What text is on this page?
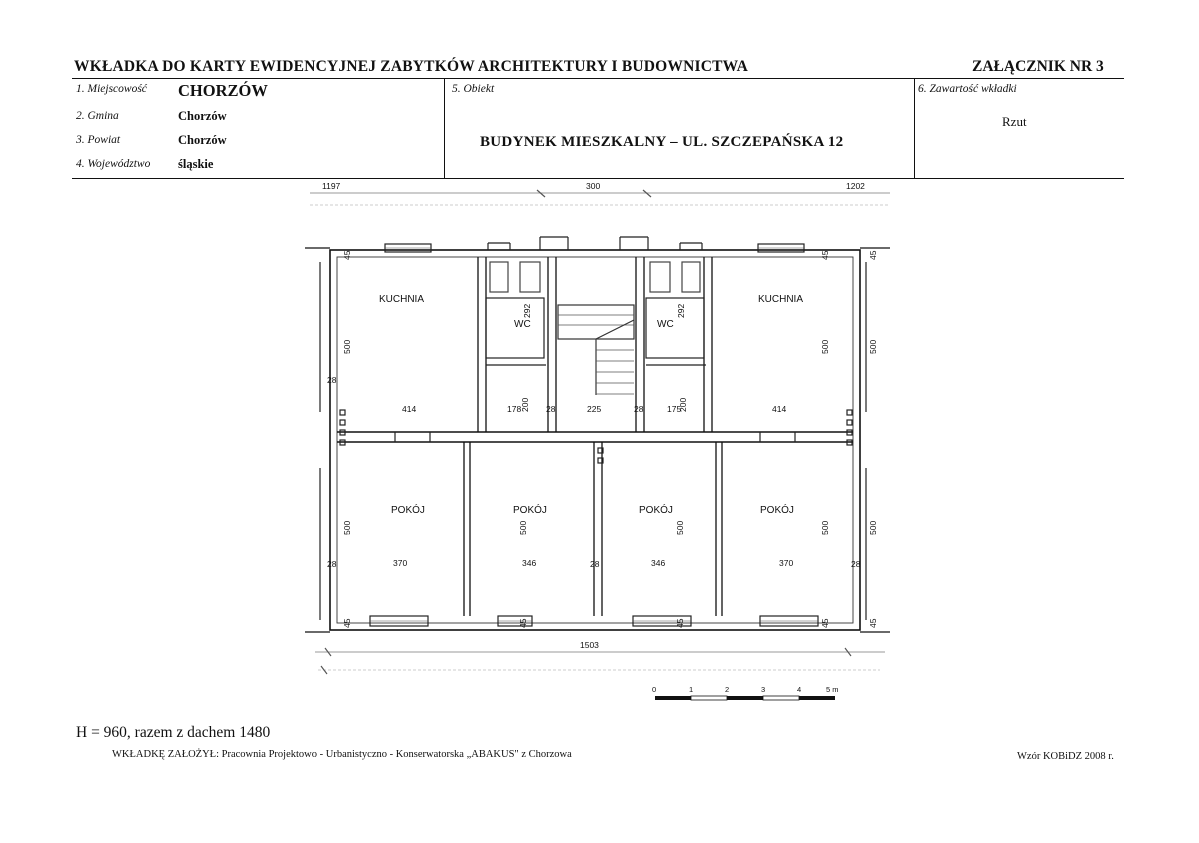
WKŁADKA DO KARTY EWIDENCYJNEJ ZABYTKÓW ARCHITEKTURY I BUDOWNICTWA	ZAŁĄCZNIK NR 3
1. Miejscowość CHORZÓW
2. Gmina	Chorzów
3. Powiat	Chorzów
4. Województwo śląskie
5. Obiekt
BUDYNEK MIESZKALNY – UL. SZCZEPAŃSKA 12
6. Zawartość wkładki
Rzut
1197	300	1202
1503
414	414
178	175
225
370	346	346	370
500	500	500
200	200
292	292
500	500	500	500	500
45	45	45
45	45	45	45	45
28
28
28	28
28	28
KUCHNIA	KUCHNIA
WC	WC
POKÓJ	POKÓJ	POKÓJ	POKÓJ
0	1	2	3	4	5 m
H = 960, razem z dachem 1480
WKŁADKĘ ZAŁOŻYŁ: Pracownia Projektowo - Urbanistyczno - Konserwatorska „ABAKUS" z Chorzowa	Wzór KOBiDZ 2008 r.
